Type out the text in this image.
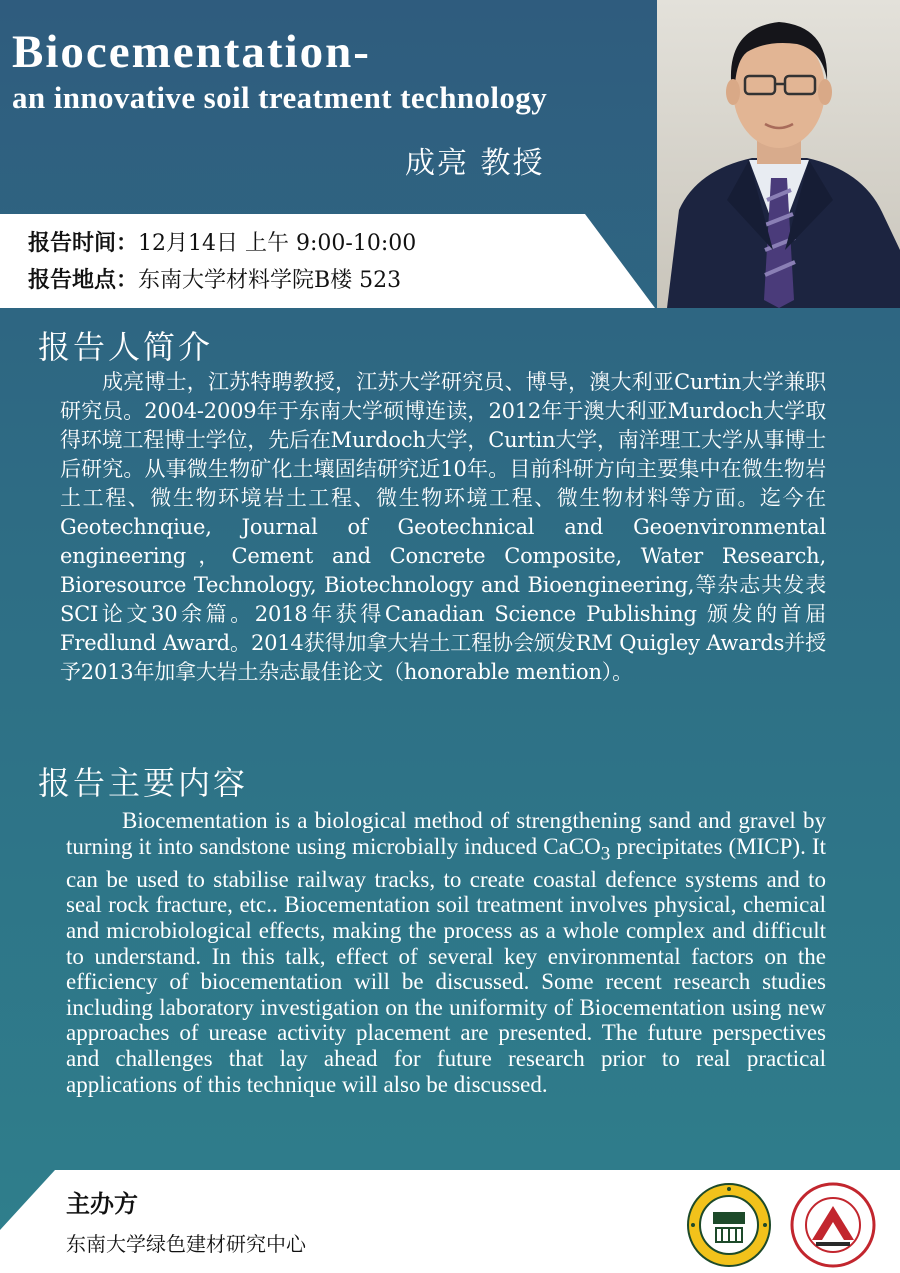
Biocementation-
an innovative soil treatment technology
成亮 教授
报告时间：12月14日 上午 9:00-10:00
报告地点：东南大学材料学院B楼 523
报告人简介

成亮博士，江苏特聘教授，江苏大学研究员、博导，澳大利亚Curtin大学兼职研究员。2004-2009年于东南大学硕博连读，2012年于澳大利亚Murdoch大学取得环境工程博士学位，先后在Murdoch大学，Curtin大学，南洋理工大学从事博士后研究。从事微生物矿化土壤固结研究近10年。目前科研方向主要集中在微生物岩土工程、微生物环境岩土工程、微生物环境工程、微生物材料等方面。迄今在Geotechnqiue, Journal of Geotechnical and Geoenvironmental engineering，Cement and Concrete Composite, Water Research, Bioresource Technology, Biotechnology and Bioengineering,等杂志共发表SCI论文30余篇。2018年获得Canadian Science Publishing 颁发的首届Fredlund Award。2014获得加拿大岩土工程协会颁发RM Quigley Awards并授予2013年加拿大岩土杂志最佳论文（honorable mention）。

报告主要内容

Biocementation is a biological method of strengthening sand and gravel by turning it into sandstone using microbially induced CaCO$_3$ precipitates (MICP). It can be used to stabilise railway tracks, to create coastal defence systems and to seal rock fracture, etc.. Biocementation soil treatment involves physical, chemical and microbiological effects, making the process as a whole complex and difficult to understand. In this talk, effect of several key environmental factors on the efficiency of biocementation will be discussed. Some recent research studies including laboratory investigation on the uniformity of Biocementation using new approaches of urease activity placement are presented. The future perspectives and challenges that lay ahead for future research prior to real practical applications of this technique will also be discussed.

主办方
东南大学绿色建材研究中心
